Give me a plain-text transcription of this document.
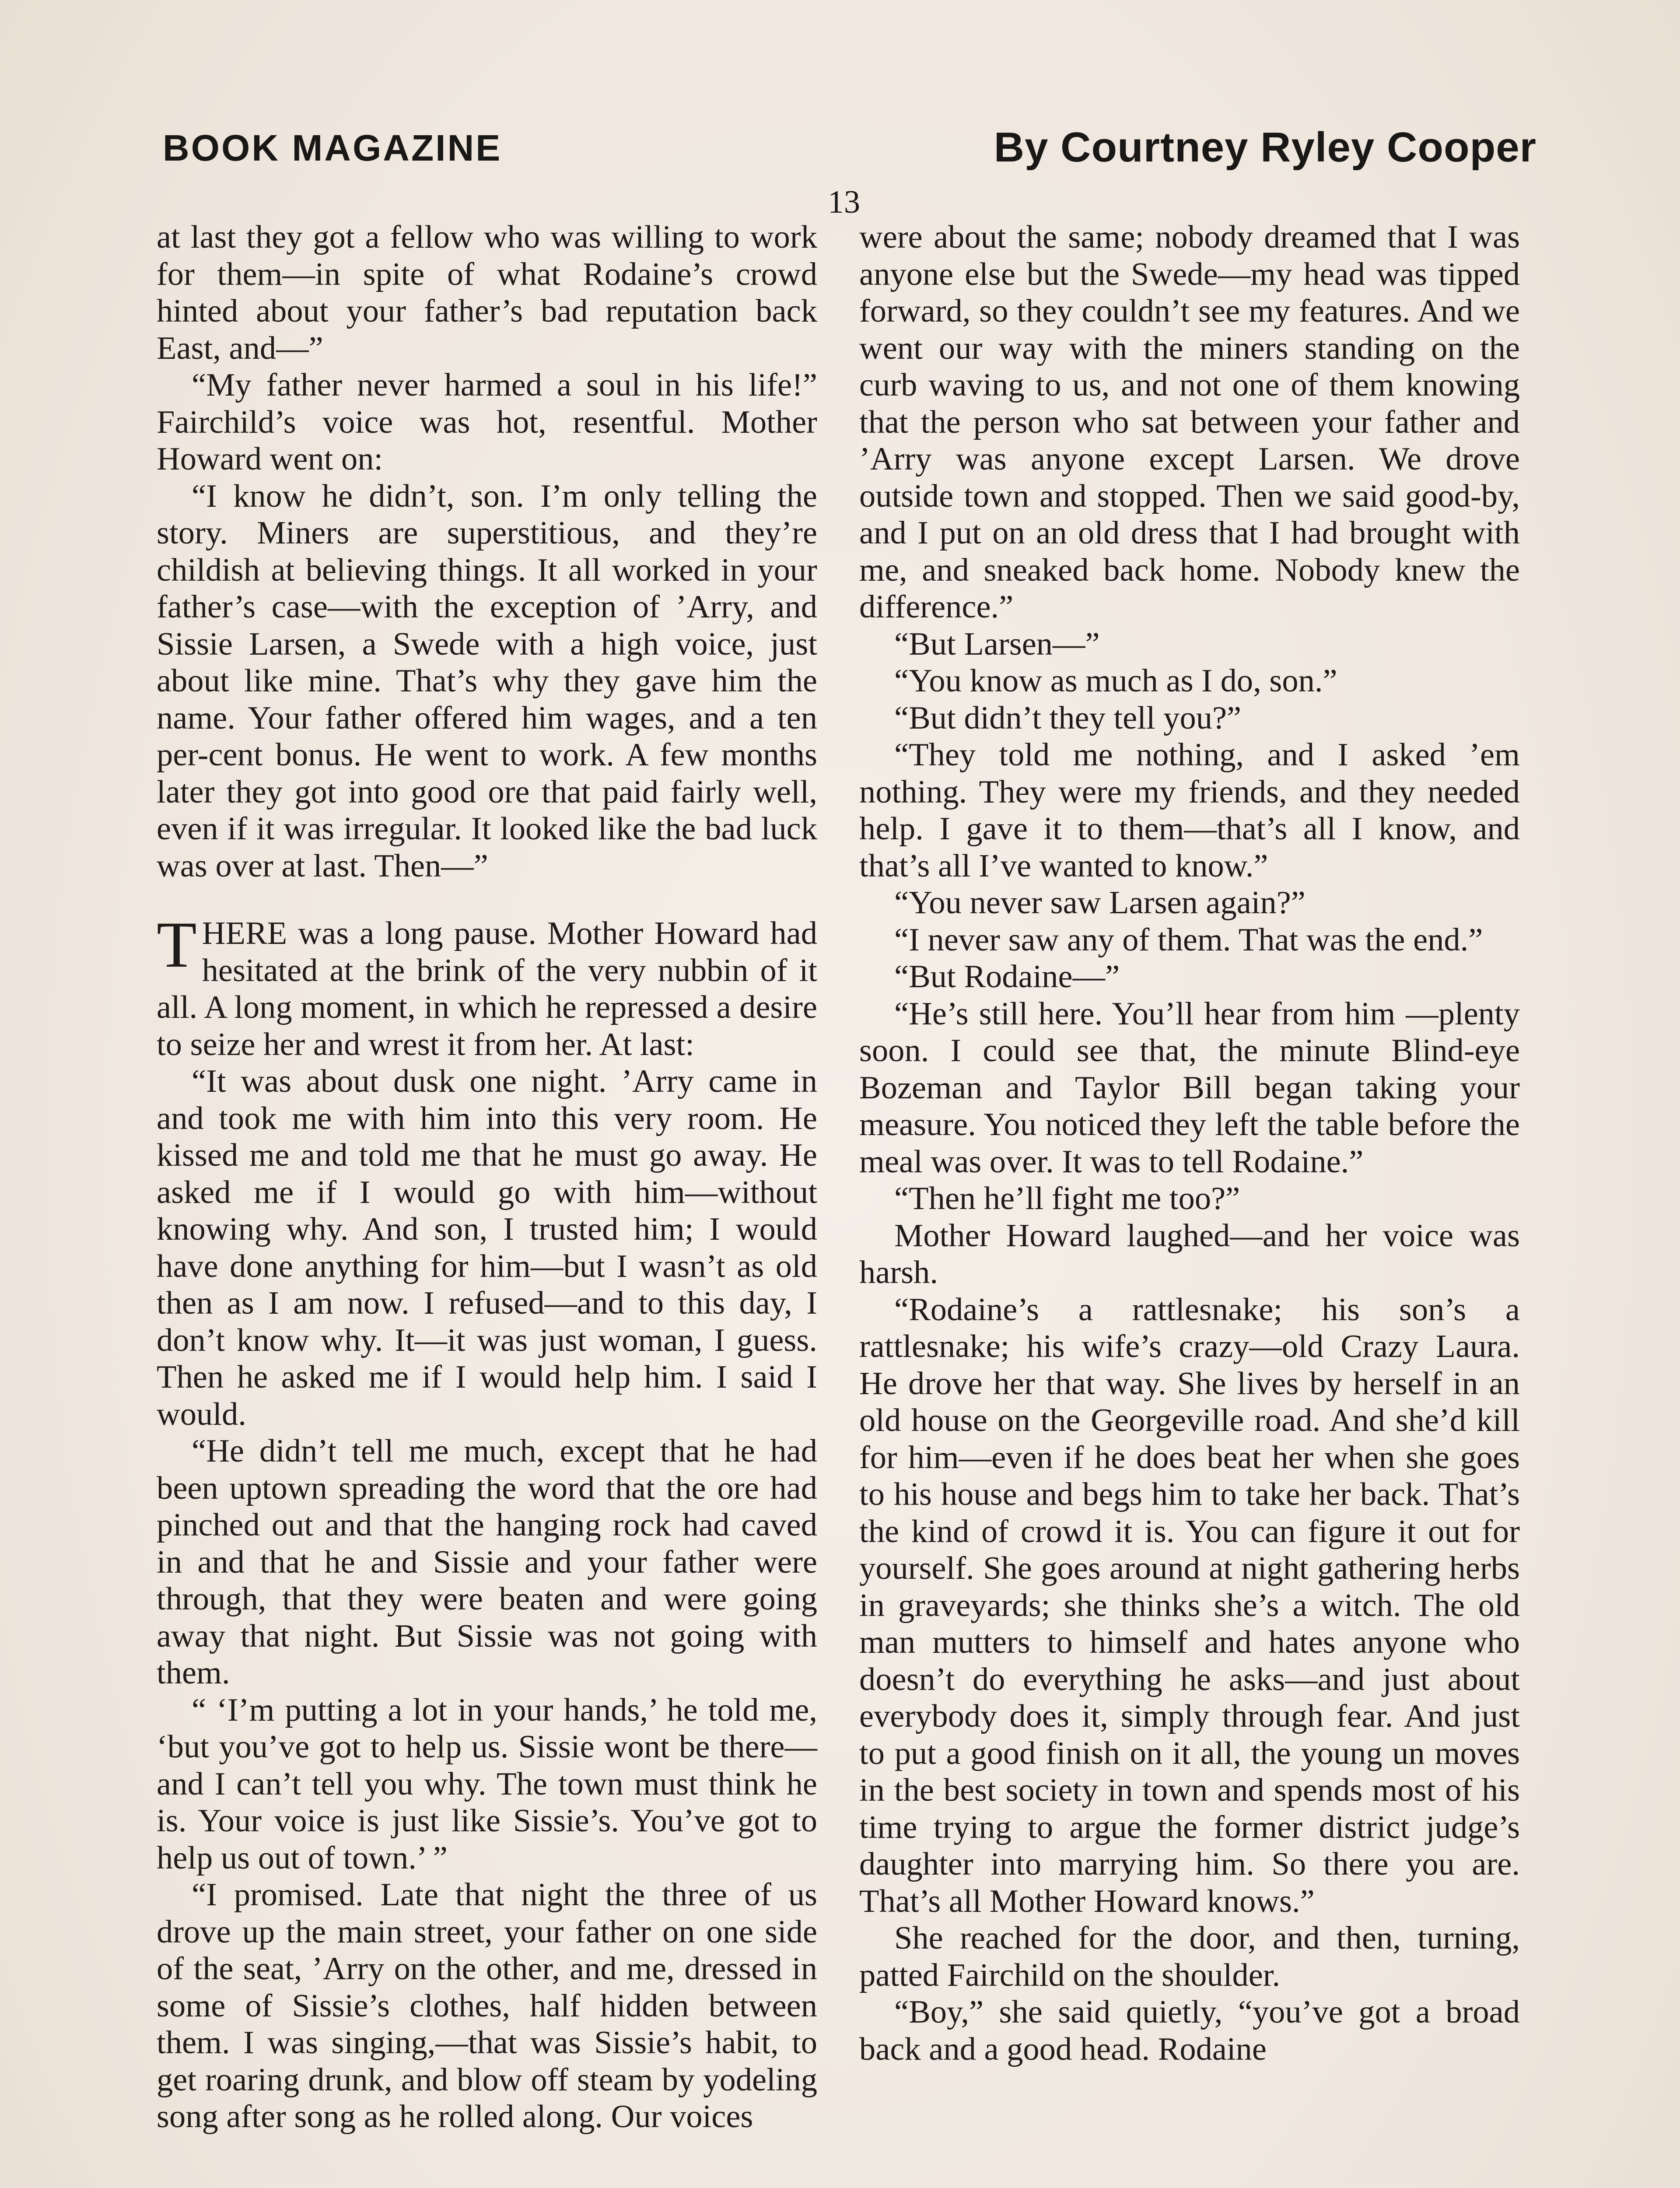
BOOK MAGAZINE	By Courtney Ryley Cooper
13

at last they got a fellow who was willing to work for them—in spite of what Rodaine’s crowd hinted about your father’s bad reputation back East, and—”

“My father never harmed a soul in his life!” Fairchild’s voice was hot, resentful. Mother Howard went on:

“I know he didn’t, son. I’m only telling the story. Miners are superstitious, and they’re childish at believing things. It all worked in your father’s case—with the exception of ’Arry, and Sissie Larsen, a Swede with a high voice, just about like mine. That’s why they gave him the name. Your father offered him wages, and a ten per-cent bonus. He went to work. A few months later they got into good ore that paid fairly well, even if it was irregular. It looked like the bad luck was over at last. Then—”

THERE was a long pause. Mother Howard had hesitated at the brink of the very nubbin of it all. A long moment, in which he repressed a desire to seize her and wrest it from her. At last:

“It was about dusk one night. ’Arry came in and took me with him into this very room. He kissed me and told me that he must go away. He asked me if I would go with him—without knowing why. And son, I trusted him; I would have done anything for him—but I wasn’t as old then as I am now. I refused—and to this day, I don’t know why. It—it was just woman, I guess. Then he asked me if I would help him. I said I would.

“He didn’t tell me much, except that he had been uptown spreading the word that the ore had pinched out and that the hanging rock had caved in and that he and Sissie and your father were through, that they were beaten and were going away that night. But Sissie was not going with them.

“ ‘I’m putting a lot in your hands,’ he told me, ‘but you’ve got to help us. Sissie wont be there—and I can’t tell you why. The town must think he is. Your voice is just like Sissie’s. You’ve got to help us out of town.’ ”

“I promised. Late that night the three of us drove up the main street, your father on one side of the seat, ’Arry on the other, and me, dressed in some of Sissie’s clothes, half hidden between them. I was singing,—that was Sissie’s habit, to get roaring drunk, and blow off steam by yodeling song after song as he rolled along. Our voices

were about the same; nobody dreamed that I was anyone else but the Swede—my head was tipped forward, so they couldn’t see my features. And we went our way with the miners standing on the curb waving to us, and not one of them knowing that the person who sat between your father and ’Arry was anyone except Larsen. We drove outside town and stopped. Then we said good-by, and I put on an old dress that I had brought with me, and sneaked back home. Nobody knew the difference.”

“But Larsen—”

“You know as much as I do, son.”

“But didn’t they tell you?”

“They told me nothing, and I asked ’em nothing. They were my friends, and they needed help. I gave it to them—that’s all I know, and that’s all I’ve wanted to know.”

“You never saw Larsen again?”

“I never saw any of them. That was the end.”

“But Rodaine—”

“He’s still here. You’ll hear from him —plenty soon. I could see that, the minute Blind-eye Bozeman and Taylor Bill began taking your measure. You noticed they left the table before the meal was over. It was to tell Rodaine.”

“Then he’ll fight me too?”

Mother Howard laughed—and her voice was harsh.

“Rodaine’s a rattlesnake; his son’s a rattlesnake; his wife’s crazy—old Crazy Laura. He drove her that way. She lives by herself in an old house on the Georgeville road. And she’d kill for him—even if he does beat her when she goes to his house and begs him to take her back. That’s the kind of crowd it is. You can figure it out for yourself. She goes around at night gathering herbs in graveyards; she thinks she’s a witch. The old man mutters to himself and hates anyone who doesn’t do everything he asks—and just about everybody does it, simply through fear. And just to put a good finish on it all, the young un moves in the best society in town and spends most of his time trying to argue the former district judge’s daughter into marrying him. So there you are. That’s all Mother Howard knows.”

She reached for the door, and then, turning, patted Fairchild on the shoulder.

“Boy,” she said quietly, “you’ve got a broad back and a good head. Rodaine
